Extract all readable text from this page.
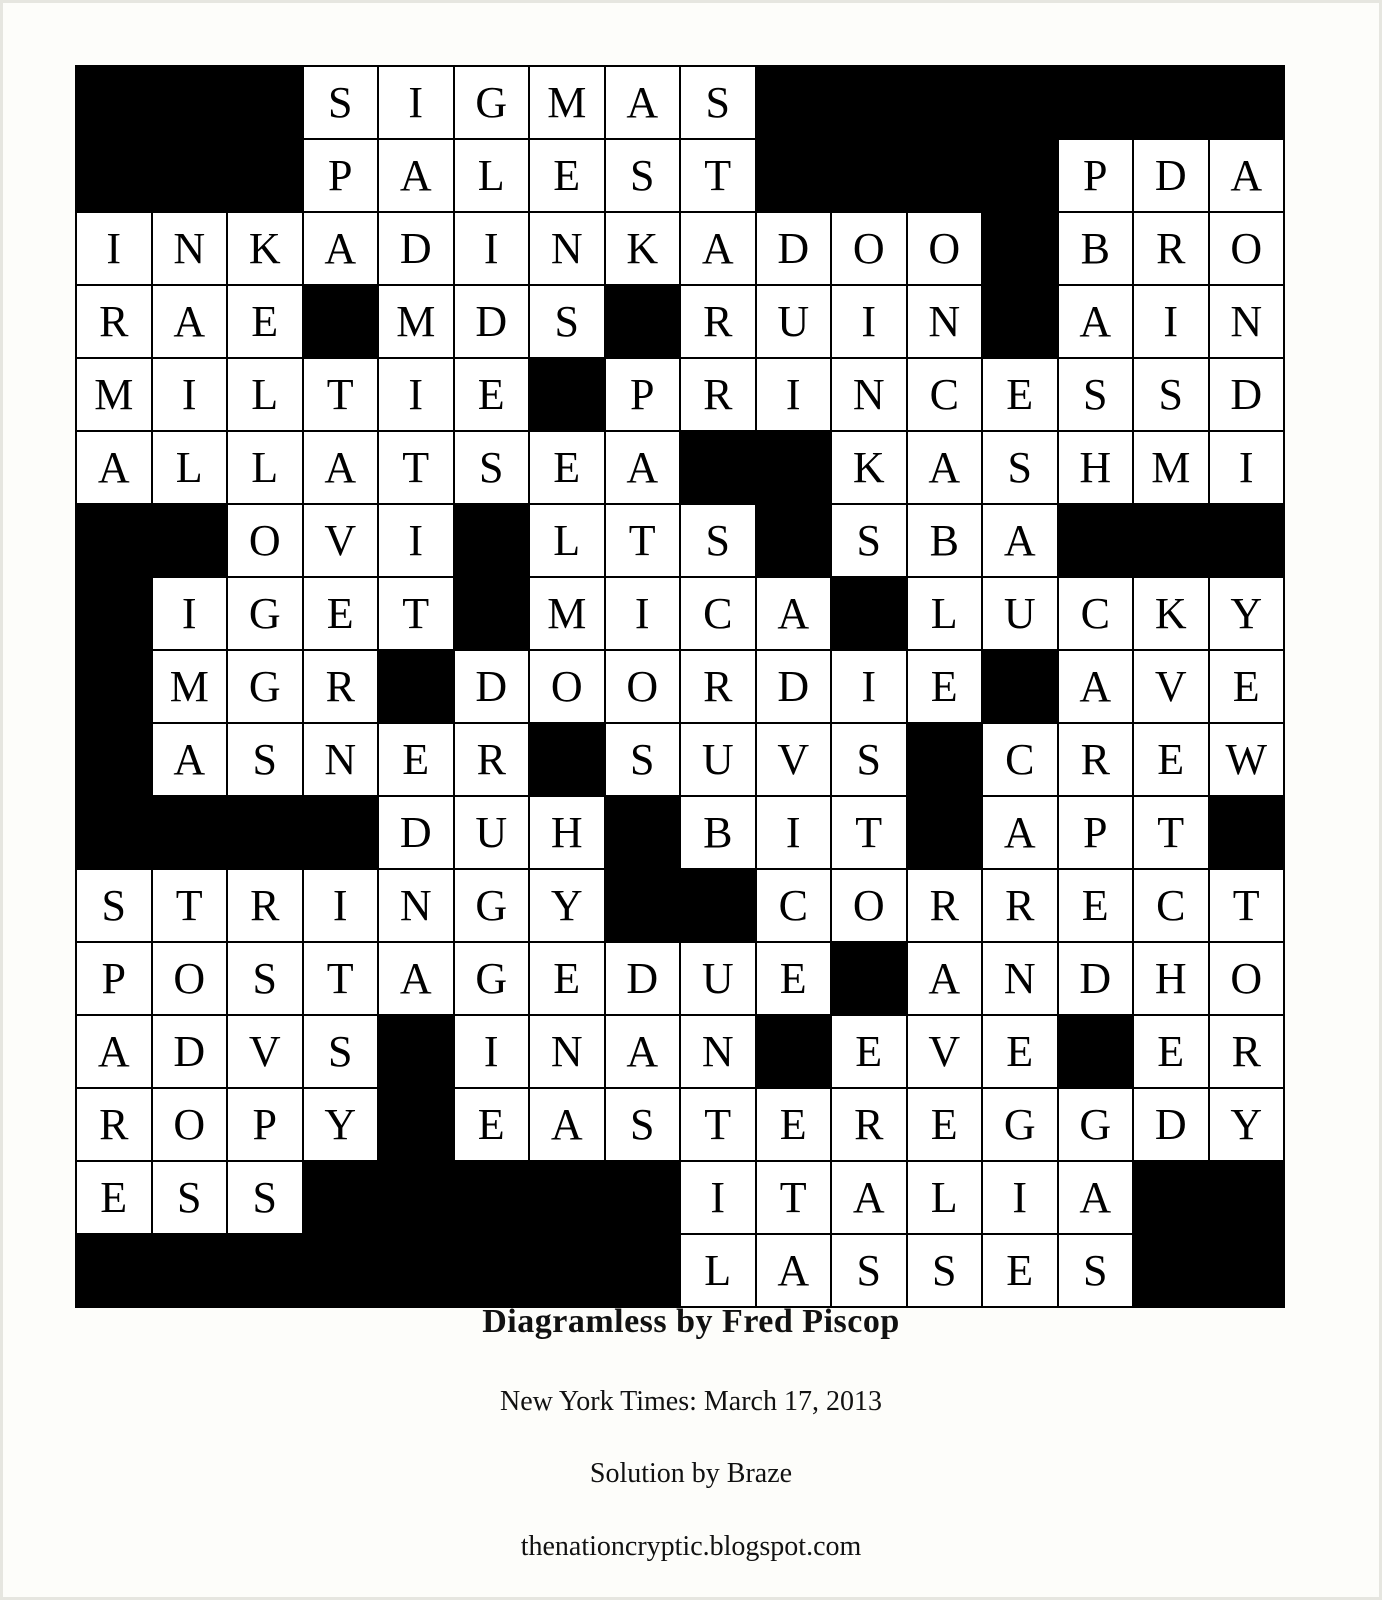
			S	I	G	M	A	S							
			P	A	L	E	S	T					P	D	A
I	N	K	A	D	I	N	K	A	D	O	O		B	R	O
R	A	E		M	D	S		R	U	I	N		A	I	N
M	I	L	T	I	E		P	R	I	N	C	E	S	S	D
A	L	L	A	T	S	E	A			K	A	S	H	M	I
		O	V	I		L	T	S		S	B	A			
	I	G	E	T		M	I	C	A		L	U	C	K	Y
	M	G	R		D	O	O	R	D	I	E		A	V	E
	A	S	N	E	R		S	U	V	S		C	R	E	W
				D	U	H		B	I	T		A	P	T	
S	T	R	I	N	G	Y			C	O	R	R	E	C	T
P	O	S	T	A	G	E	D	U	E		A	N	D	H	O
A	D	V	S		I	N	A	N		E	V	E		E	R
R	O	P	Y		E	A	S	T	E	R	E	G	G	D	Y
E	S	S						I	T	A	L	I	A		
								L	A	S	S	E	S		
Diagramless by Fred Piscop
New York Times: March 17, 2013
Solution by Braze
thenationcryptic.blogspot.com
